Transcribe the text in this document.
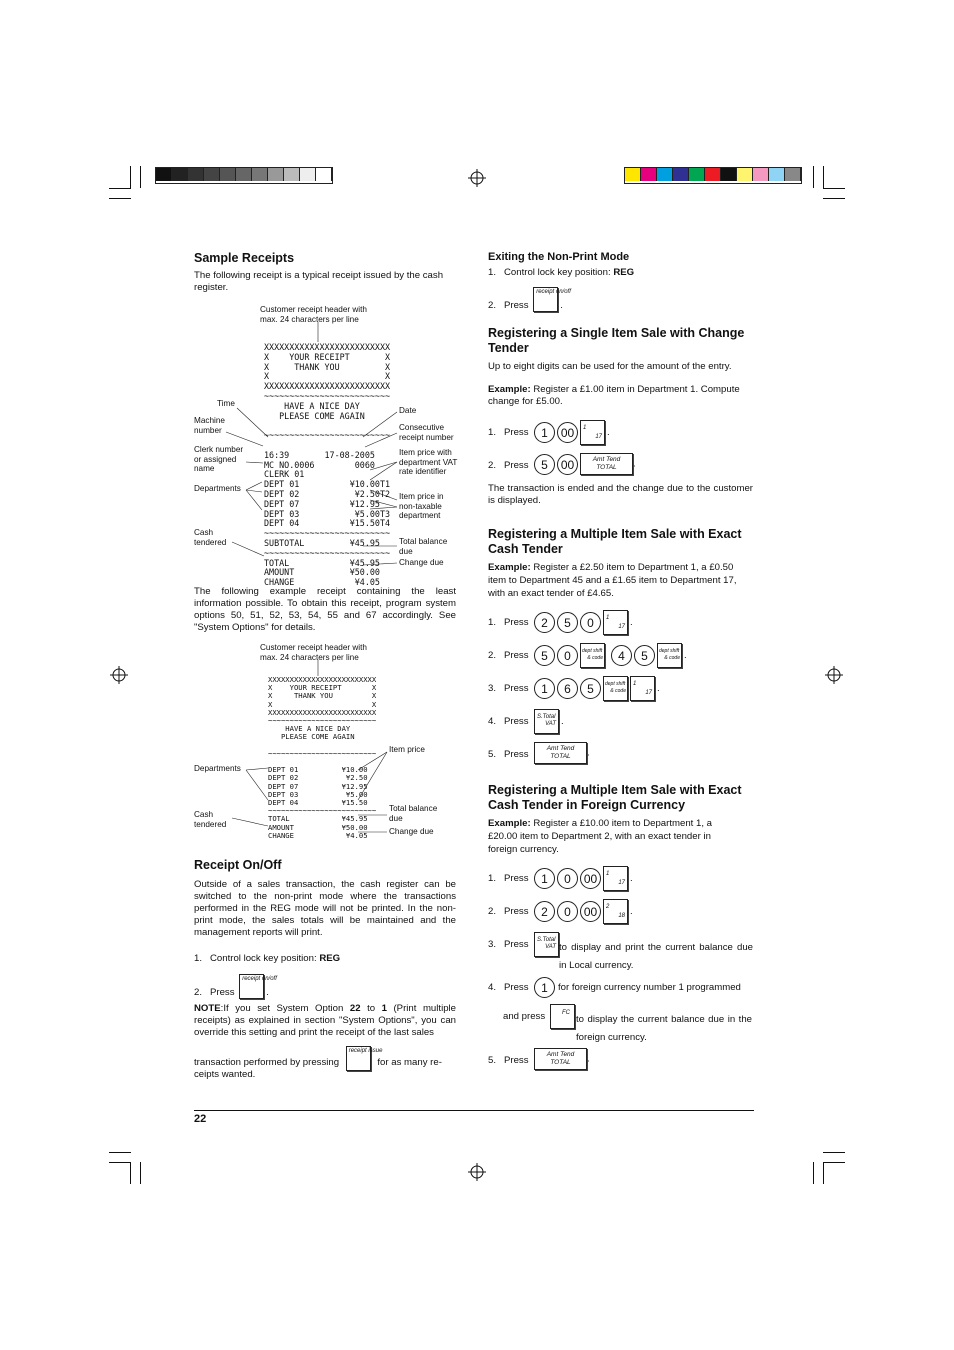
Sample Receipts
The following receipt is a typical receipt issued by the cash register.
Customer receipt header with max. 24 characters per line
XXXXXXXXXXXXXXXXXXXXXXXXX
X    YOUR RECEIPT       X
X     THANK YOU         X
X                       X
XXXXXXXXXXXXXXXXXXXXXXXXX
~~~~~~~~~~~~~~~~~~~~~~~~~
HAVE A NICE DAY
PLEASE COME AGAIN

~~~~~~~~~~~~~~~~~~~~~~~~~

16:39       17-08-2005
MC NO.0006        0060
CLERK 01
DEPT 01          ¥10.00T1
DEPT 02           ¥2.50T2
DEPT 07          ¥12.95
DEPT 03           ¥5.00T3
DEPT 04          ¥15.50T4
~~~~~~~~~~~~~~~~~~~~~~~~~
SUBTOTAL         ¥45.95
~~~~~~~~~~~~~~~~~~~~~~~~~
TOTAL            ¥45.95
AMOUNT           ¥50.00
CHANGE            ¥4.05
Time
Machine number
Clerk number or assigned name
Departments
Cash tendered
Date
Consecutive receipt number
Item price with department VAT rate identifier
Item price in non-taxable department
Total balance due
Change due
The following example receipt containing the least information possible. To obtain this receipt, program system options 50, 51, 52, 53, 54, 55 and 67 accordingly. See "System Options" for details.
Customer receipt header with max. 24 characters per line
XXXXXXXXXXXXXXXXXXXXXXXXX
X    YOUR RECEIPT       X
X     THANK YOU         X
X                       X
XXXXXXXXXXXXXXXXXXXXXXXXX
~~~~~~~~~~~~~~~~~~~~~~~~~
HAVE A NICE DAY
PLEASE COME AGAIN

~~~~~~~~~~~~~~~~~~~~~~~~~

DEPT 01          ¥10.00
DEPT 02           ¥2.50
DEPT 07          ¥12.95
DEPT 03           ¥5.00
DEPT 04          ¥15.50
~~~~~~~~~~~~~~~~~~~~~~~~~
TOTAL            ¥45.95
AMOUNT           ¥50.00
CHANGE            ¥4.05
Departments
Cash tendered
Item price
Total balance due
Change due
Receipt On/Off
Outside of a sales transaction, the cash register can be switched to the non-print mode where the transactions performed in the REG mode will not be printed. In the non-print mode, the sales totals will be maintained and the management reports will print.
1. Control lock key position: REG
2. Press
receipt on/off
.
NOTE:If you set System Option 22 to 1 (Print multiple receipts) as explained in section "System Options", you can override this setting and print the receipt of the last sales
transaction performed by pressing
receipt issue
for as many re-
ceipts wanted.
Exiting the Non-Print Mode
1. Control lock key position: REG
2. Press
receipt on/off
.
Registering a Single Item Sale with Change Tender
Up to eight digits can be used for the amount of the entry.
Example: Register a £1.00 item in Department 1. Compute change for £5.00.
1. Press	1 00 1
17 .
2. Press	5 00	Amt Tend
TOTAL	.
The transaction is ended and the change due to the customer is displayed.
Registering a Multiple Item Sale with Exact Cash Tender
Example: Register a £2.50 item to Department 1, a £0.50 item to Department 45 and a £1.65 item to Department 17, with an exact tender of £4.65.
1. Press	2 5 0 1
17 .
2. Press	5 0 dept shift
& code 4 5 dept shift
& code .
3. Press	1 6 5 dept shift
& code
1
17 .
4. Press S.Total
VAT .
5. Press
Amt Tend
TOTAL	.
Registering a Multiple Item Sale with Exact Cash Tender in Foreign Currency
Example: Register a £10.00 item to Department 1, a £20.00 item to Department 2, with an exact tender in foreign currency.
1. Press	1 0 00 1
17 .
2. Press	2 0 00 2
18 .
3. Press S.Total
VAT to display and print the current balance due in Local currency.
4. Press	1	for foreign currency number 1 programmed
and press	FC
to display the current balance due in the foreign currency.
5. Press
Amt Tend
TOTAL	.
22
